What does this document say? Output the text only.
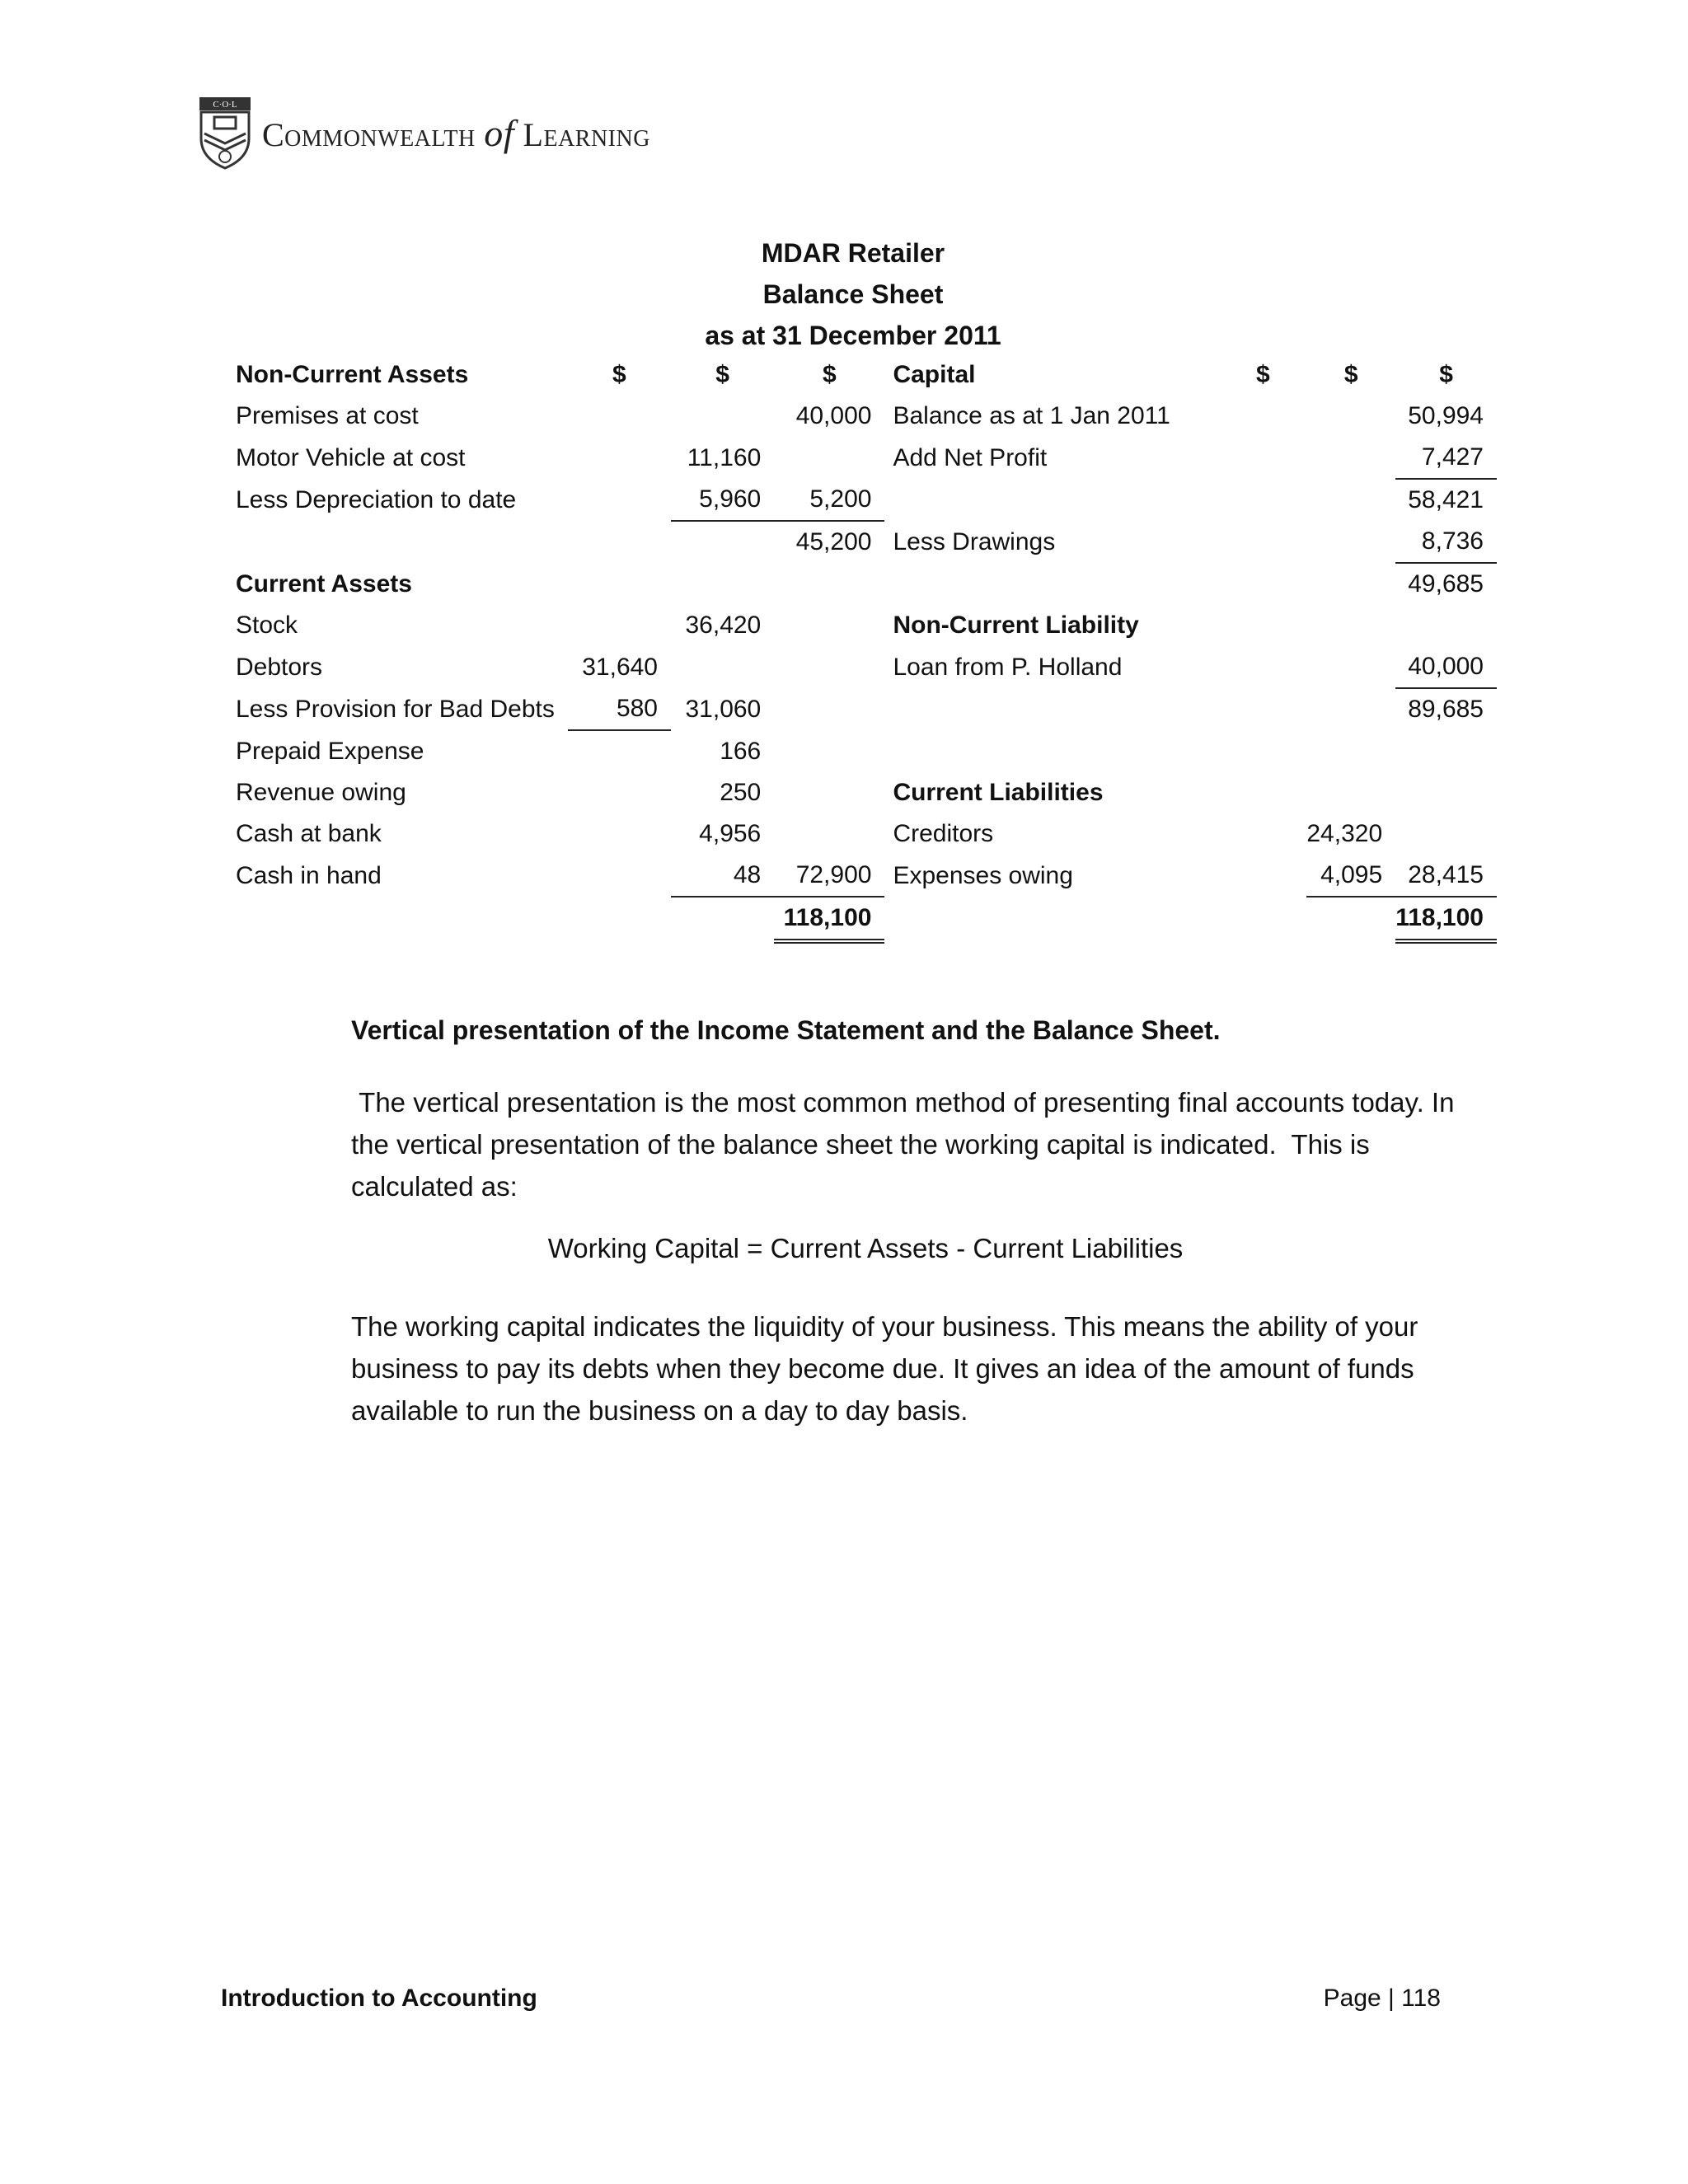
C·O·L
Commonwealth of Learning
MDAR Retailer
Balance Sheet
as at 31 December 2011
Non-Current Assets	$	$	$	Capital	$	$	$
Premises at cost			40,000	Balance as at 1 Jan 2011			50,994
Motor Vehicle at cost		11,160		Add Net Profit			7,427
Less Depreciation to date		5,960	5,200				58,421
			45,200	Less Drawings			8,736
Current Assets							49,685
Stock		36,420		Non-Current Liability			
Debtors	31,640			Loan from P. Holland			40,000
Less Provision for Bad Debts	580	31,060					89,685
Prepaid Expense		166					
Revenue owing		250		Current Liabilities			
Cash at bank		4,956		Creditors		24,320	
Cash in hand		48	72,900	Expenses owing		4,095	28,415
			118,100				118,100
Vertical presentation of the Income Statement and the Balance Sheet.
The vertical presentation is the most common method of presenting final accounts today. In the vertical presentation of the balance sheet the working capital is indicated.  This is calculated as:
Working Capital = Current Assets - Current Liabilities
The working capital indicates the liquidity of your business. This means the ability of your business to pay its debts when they become due. It gives an idea of the amount of funds available to run the business on a day to day basis.
Introduction to Accounting	Page | 118
